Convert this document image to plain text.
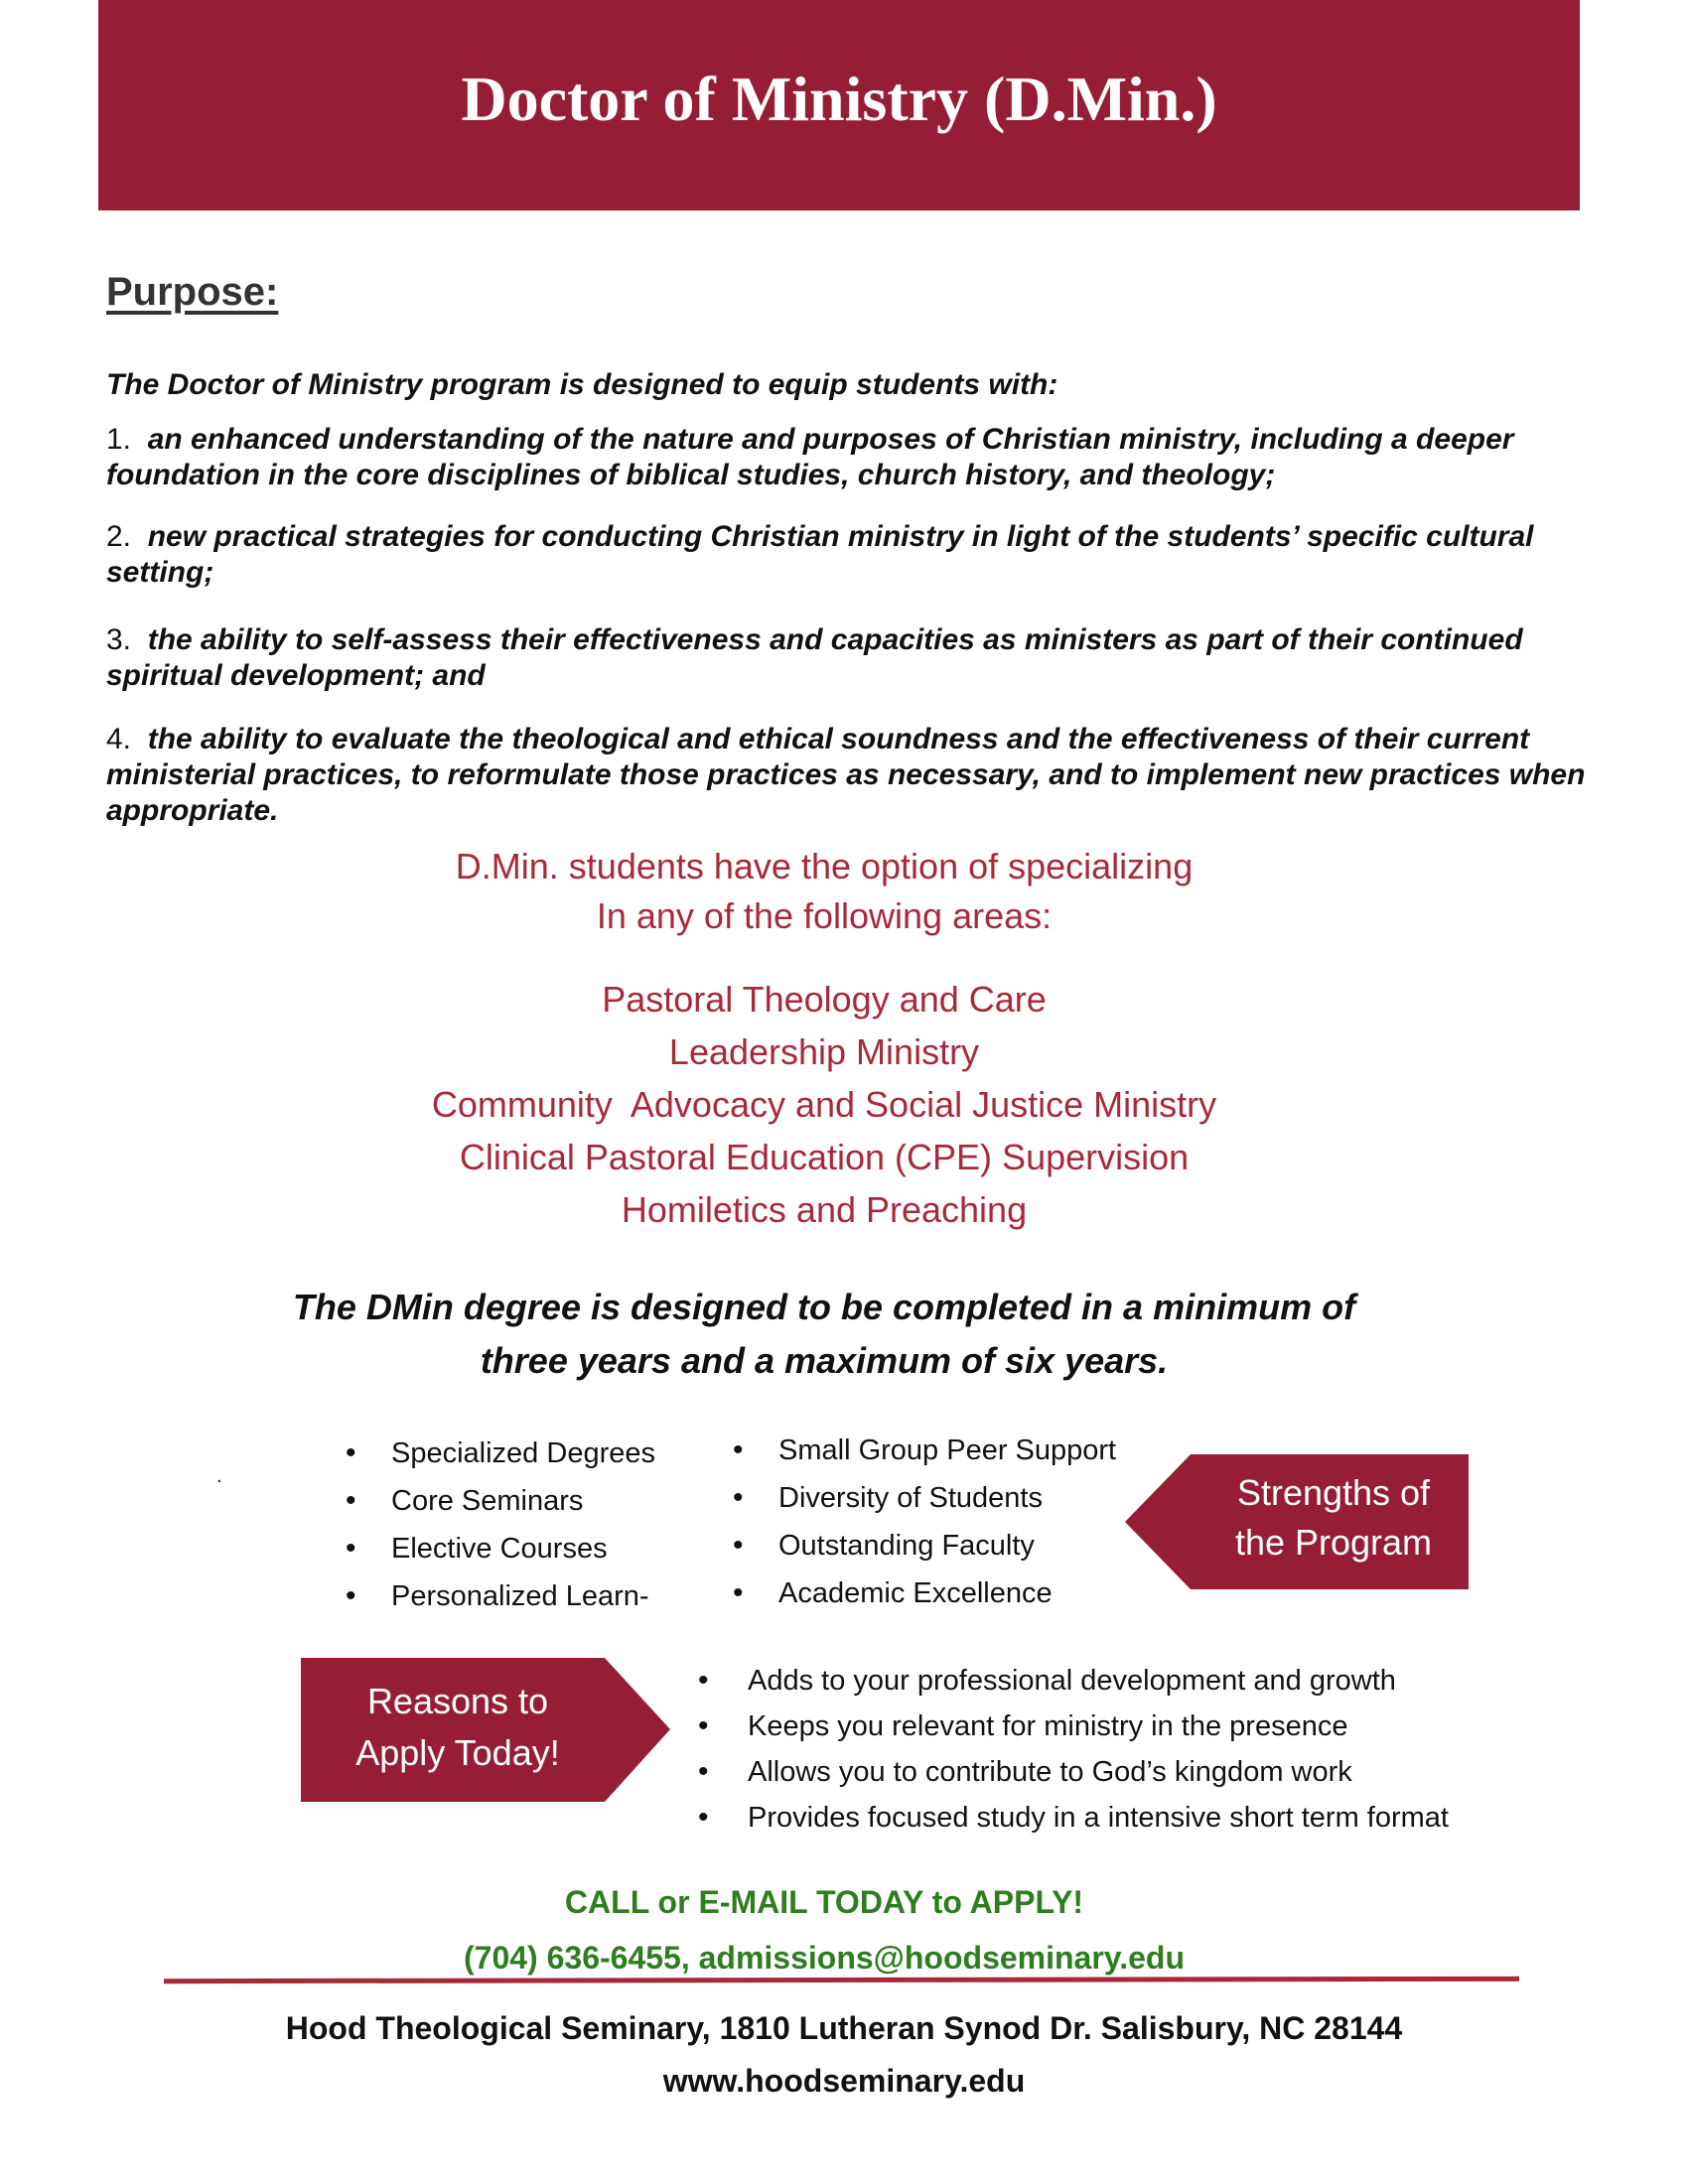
Doctor of Ministry (D.Min.)
Purpose:
The Doctor of Ministry program is designed to equip students with:
1. an enhanced understanding of the nature and purposes of Christian ministry, including a deeper foundation in the core disciplines of biblical studies, church history, and theology;
2. new practical strategies for conducting Christian ministry in light of the students’ specific cultural setting;
3. the ability to self-assess their effectiveness and capacities as ministers as part of their continued spiritual development; and
4. the ability to evaluate the theological and ethical soundness and the effectiveness of their current ministerial practices, to reformulate those practices as necessary, and to implement new practices when appropriate.
D.Min. students have the option of specializing
In any of the following areas:
Pastoral Theology and Care
Leadership Ministry
Community  Advocacy and Social Justice Ministry
Clinical Pastoral Education (CPE) Supervision
Homiletics and Preaching
The DMin degree is designed to be completed in a minimum of
three years and a maximum of six years.
.
• Specialized Degrees
• Core Seminars
• Elective Courses
• Personalized Learn-
• Small Group Peer Support
• Diversity of Students
• Outstanding Faculty
• Academic Excellence
Strengths of
the Program
Reasons to
Apply Today!
• Adds to your professional development and growth
• Keeps you relevant for ministry in the presence
• Allows you to contribute to God’s kingdom work
• Provides focused study in a intensive short term format
CALL or E-MAIL TODAY to APPLY!
(704) 636-6455, admissions@hoodseminary.edu
Hood Theological Seminary, 1810 Lutheran Synod Dr. Salisbury, NC 28144
www.hoodseminary.edu
